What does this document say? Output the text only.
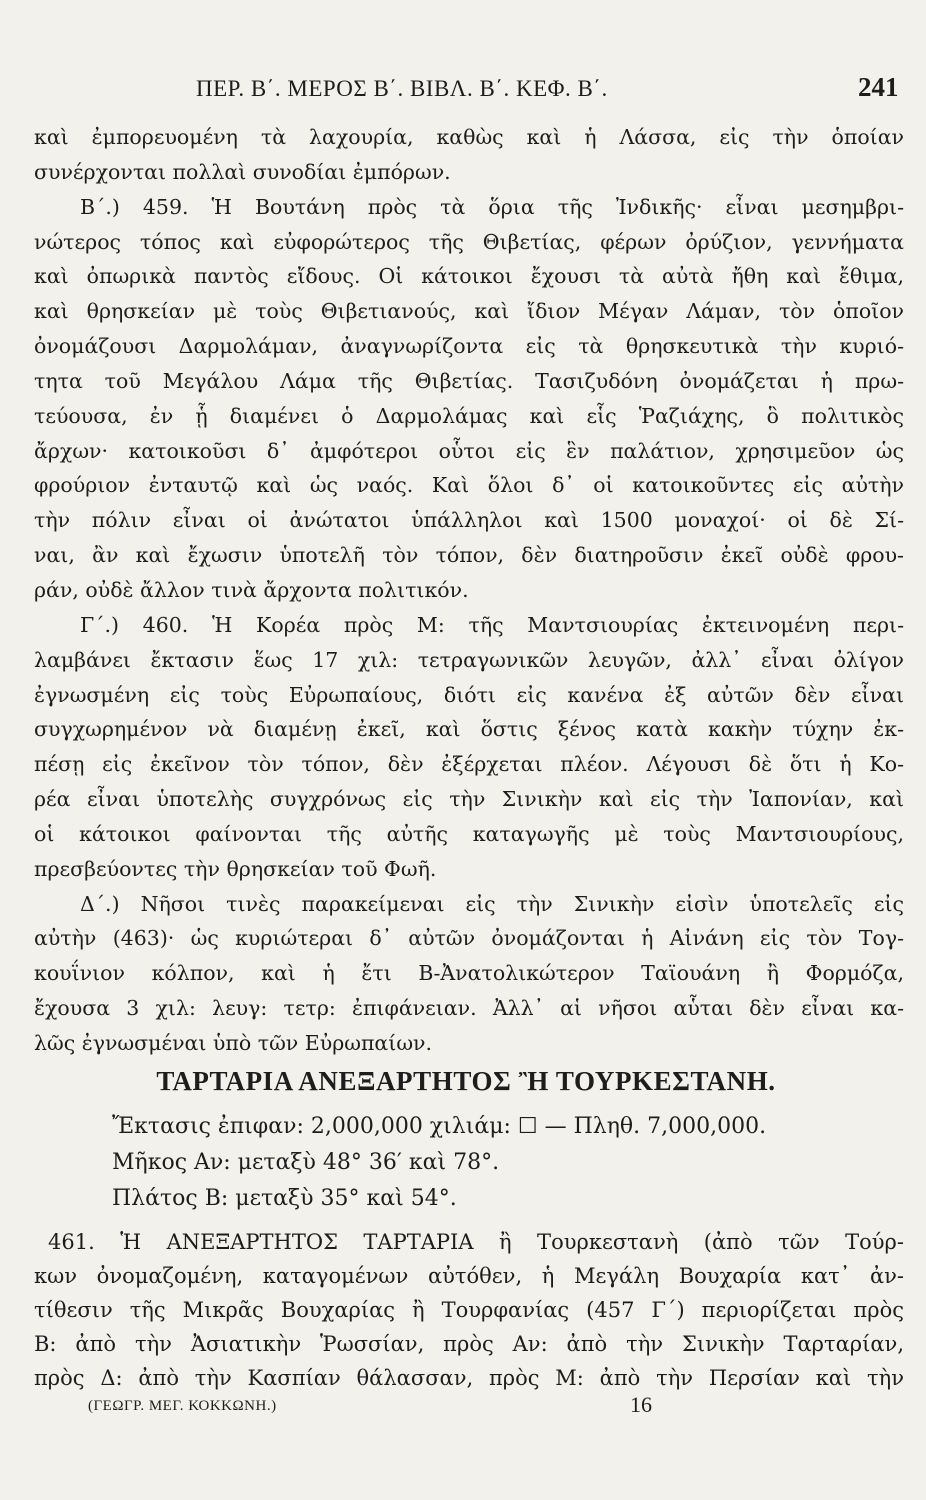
ΠΕΡ. Β΄. ΜΕΡΟΣ Β΄. ΒΙΒΛ. Β΄. ΚΕΦ. Β΄.	241
καὶ ἐμπορευομένη τὰ λαχουρία, καθὼς καὶ ἡ Λάσσα, εἰς τὴν ὁποίαν
συνέρχονται πολλαὶ συνοδίαι ἐμπόρων.
Β΄.) 459. Ἡ Βουτάνη πρὸς τὰ ὅρια τῆς Ἰνδικῆς· εἶναι μεσημβρι-
νώτερος τόπος καὶ εὐφορώτερος τῆς Θιβετίας, φέρων ὀρύζιον, γεννήματα
καὶ ὀπωρικὰ παντὸς εἴδους. Οἱ κάτοικοι ἔχουσι τὰ αὐτὰ ἤθη καὶ ἔθιμα,
καὶ θρησκείαν μὲ τοὺς Θιβετιανούς, καὶ ἴδιον Μέγαν Λάμαν, τὸν ὁποῖον
ὀνομάζουσι Δαρμολάμαν, ἀναγνωρίζοντα εἰς τὰ θρησκευτικὰ τὴν κυριό-
τητα τοῦ Μεγάλου Λάμα τῆς Θιβετίας. Τασιζυδόνη ὀνομάζεται ἡ πρω-
τεύουσα, ἐν ᾗ διαμένει ὁ Δαρμολάμας καὶ εἷς Ῥαζιάχης, ὃ πολιτικὸς
ἄρχων· κατοικοῦσι δ᾽ ἀμφότεροι οὗτοι εἰς ἓν παλάτιον, χρησιμεῦον ὡς
φρούριον ἐνταυτῷ καὶ ὡς ναός. Καὶ ὅλοι δ᾽ οἱ κατοικοῦντες εἰς αὐτὴν
τὴν πόλιν εἶναι οἱ ἀνώτατοι ὑπάλληλοι καὶ 1500 μοναχοί· οἱ δὲ Σί-
ναι, ἂν καὶ ἔχωσιν ὑποτελῆ τὸν τόπον, δὲν διατηροῦσιν ἐκεῖ οὐδὲ φρου-
ράν, οὐδὲ ἄλλον τινὰ ἄρχοντα πολιτικόν.
Γ΄.) 460. Ἡ Κορέα πρὸς Μ: τῆς Μαντσιουρίας ἐκτεινομένη περι-
λαμβάνει ἔκτασιν ἕως 17 χιλ: τετραγωνικῶν λευγῶν, ἀλλ᾽ εἶναι ὀλίγον
ἐγνωσμένη εἰς τοὺς Εὐρωπαίους, διότι εἰς κανένα ἐξ αὐτῶν δὲν εἶναι
συγχωρημένον νὰ διαμένῃ ἐκεῖ, καὶ ὅστις ξένος κατὰ κακὴν τύχην ἐκ-
πέσῃ εἰς ἐκεῖνον τὸν τόπον, δὲν ἐξέρχεται πλέον. Λέγουσι δὲ ὅτι ἡ Κο-
ρέα εἶναι ὑποτελὴς συγχρόνως εἰς τὴν Σινικὴν καὶ εἰς τὴν Ἰαπονίαν, καὶ
οἱ κάτοικοι φαίνονται τῆς αὐτῆς καταγωγῆς μὲ τοὺς Μαντσιουρίους,
πρεσβεύοντες τὴν θρησκείαν τοῦ Φωῆ.
Δ΄.) Νῆσοι τινὲς παρακείμεναι εἰς τὴν Σινικὴν εἰσὶν ὑποτελεῖς εἰς
αὐτὴν (463)· ὡς κυριώτεραι δ᾽ αὐτῶν ὀνομάζονται ἡ Αἰνάνη εἰς τὸν Τογ-
κουΐνιον κόλπον, καὶ ἡ ἔτι Β-Ἀνατολικώτερον Ταϊουάνη ἢ Φορμόζα,
ἔχουσα 3 χιλ: λευγ: τετρ: ἐπιφάνειαν. Ἀλλ᾽ αἱ νῆσοι αὗται δὲν εἶναι κα-
ΤΑΡΤΑΡΙΑ ΑΝΕΞΑΡΤΗΤΟΣ Ἢ ΤΟΥΡΚΕΣΤΑΝΗ.
Ἔκτασις ἐπιφαν: 2,000,000 χιλιάμ: ☐ — Πληθ. 7,000,000.
Μῆκος Αν: μεταξὺ 48° 36′ καὶ 78°.
Πλάτος Β: μεταξὺ 35° καὶ 54°.
461. Ἡ ΑΝΕΞΑΡΤΗΤΟΣ ΤΑΡΤΑΡΙΑ ἢ Τουρκεστανὴ (ἀπὸ τῶν Τούρ-
κων ὀνομαζομένη, καταγομένων αὐτόθεν, ἡ Μεγάλη Βουχαρία κατ᾽ ἀν-
τίθεσιν τῆς Μικρᾶς Βουχαρίας ἢ Τουρφανίας (457 Γ΄) περιορίζεται πρὸς
Β: ἀπὸ τὴν Ἀσιατικὴν Ῥωσσίαν, πρὸς Αν: ἀπὸ τὴν Σινικὴν Ταρταρίαν,
πρὸς Δ: ἀπὸ τὴν Κασπίαν θάλασσαν, πρὸς Μ: ἀπὸ τὴν Περσίαν καὶ τὴν
(ΓΕΩΓΡ. ΜΕΓ. ΚΟΚΚΩΝΗ.)	16
λῶς ἐγνωσμέναι ὑπὸ τῶν Εὐρωπαίων.
